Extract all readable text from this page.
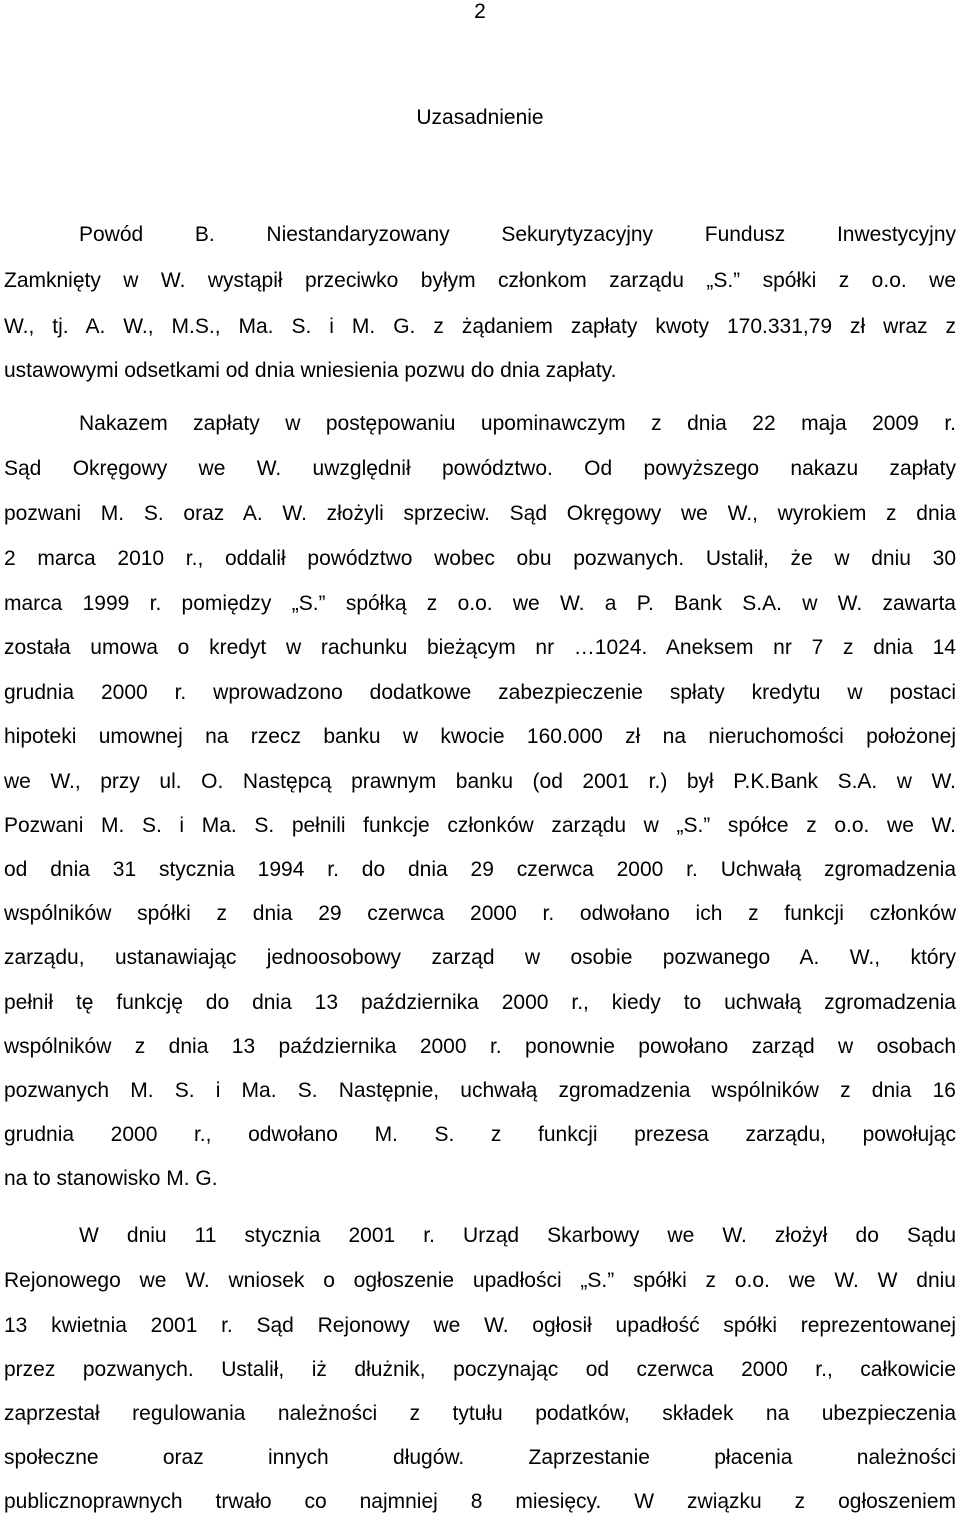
2
Uzasadnienie
Powód B. Niestandaryzowany Sekurytyzacyjny Fundusz Inwestycyjny
Zamknięty w W. wystąpił przeciwko byłym członkom zarządu „S.” spółki z o.o. we
W., tj. A. W., M.S., Ma. S. i M. G. z żądaniem zapłaty kwoty 170.331,79 zł wraz z
ustawowymi odsetkami od dnia wniesienia pozwu do dnia zapłaty.
Nakazem zapłaty w postępowaniu upominawczym z dnia 22 maja 2009 r.
Sąd Okręgowy we W. uwzględnił powództwo. Od powyższego nakazu zapłaty
pozwani M. S. oraz A. W. złożyli sprzeciw. Sąd Okręgowy we W., wyrokiem z dnia
2 marca 2010 r., oddalił powództwo wobec obu pozwanych. Ustalił, że w dniu 30
marca 1999 r. pomiędzy „S.” spółką z o.o. we W. a P. Bank S.A. w W. zawarta
została umowa o kredyt w rachunku bieżącym nr …1024. Aneksem nr 7 z dnia 14
grudnia 2000 r. wprowadzono dodatkowe zabezpieczenie spłaty kredytu w postaci
hipoteki umownej na rzecz banku w kwocie 160.000 zł na nieruchomości położonej
we W., przy ul. O. Następcą prawnym banku (od 2001 r.) był P.K.Bank S.A. w W.
Pozwani M. S. i Ma. S. pełnili funkcje członków zarządu w „S.” spółce z o.o. we W.
od dnia 31 stycznia 1994 r. do dnia 29 czerwca 2000 r. Uchwałą zgromadzenia
wspólników spółki z dnia 29 czerwca 2000 r. odwołano ich z funkcji członków
zarządu, ustanawiając jednoosobowy zarząd w osobie pozwanego A. W., który
pełnił tę funkcję do dnia 13 października 2000 r., kiedy to uchwałą zgromadzenia
wspólników z dnia 13 października 2000 r. ponownie powołano zarząd w osobach
pozwanych M. S. i Ma. S. Następnie, uchwałą zgromadzenia wspólników z dnia 16
grudnia 2000 r., odwołano M. S. z funkcji prezesa zarządu, powołując
na to stanowisko M. G.
W dniu 11 stycznia 2001 r. Urząd Skarbowy we W. złożył do Sądu
Rejonowego we W. wniosek o ogłoszenie upadłości „S.” spółki z o.o. we W. W dniu
13 kwietnia 2001 r. Sąd Rejonowy we W. ogłosił upadłość spółki reprezentowanej
przez pozwanych. Ustalił, iż dłużnik, poczynając od czerwca 2000 r., całkowicie
zaprzestał regulowania należności z tytułu podatków, składek na ubezpieczenia
społeczne oraz innych długów. Zaprzestanie płacenia należności
publicznoprawnych trwało co najmniej 8 miesięcy. W związku z ogłoszeniem
